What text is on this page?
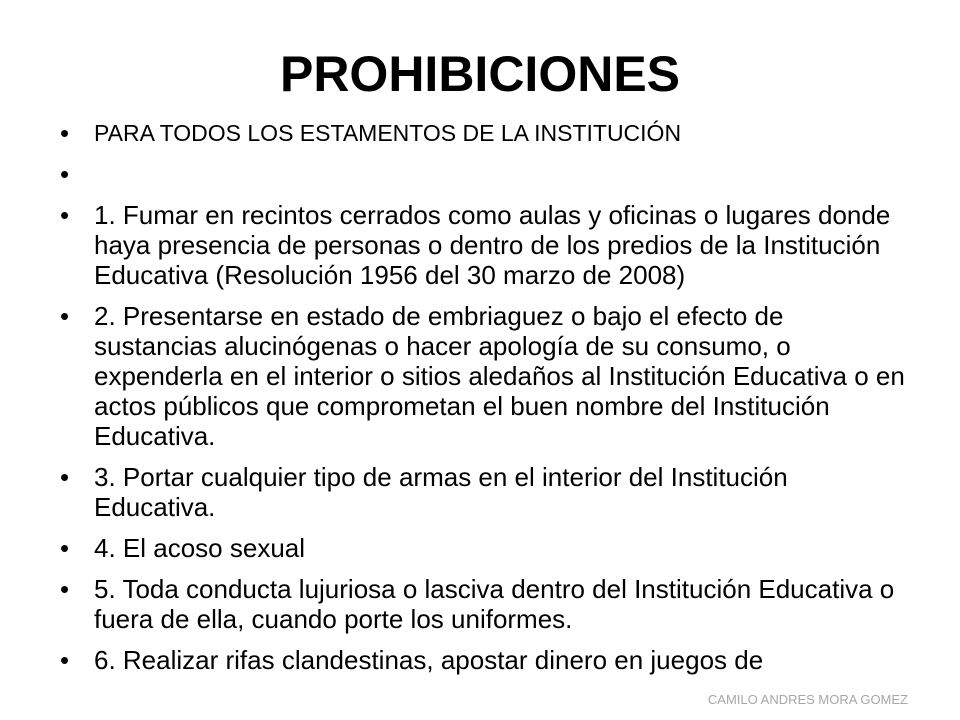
PROHIBICIONES
•	PARA TODOS LOS ESTAMENTOS DE LA INSTITUCIÓN
•
• 1. Fumar en recintos cerrados como aulas y oficinas o lugares donde haya presencia de personas o dentro de los predios de la Institución Educativa (Resolución 1956 del 30 marzo de 2008)
• 2. Presentarse en estado de embriaguez o bajo el efecto de sustancias alucinógenas o hacer apología de su consumo, o expenderla en el interior o sitios aledaños al Institución Educativa o en actos públicos que comprometan el buen nombre del Institución Educativa.
• 3. Portar cualquier tipo de armas en el interior del Institución Educativa.
• 4. El acoso sexual
• 5. Toda conducta lujuriosa o lasciva dentro del Institución Educativa o fuera de ella, cuando porte los uniformes.
• 6. Realizar rifas clandestinas, apostar dinero en juegos de
CAMILO ANDRES MORA GOMEZ
